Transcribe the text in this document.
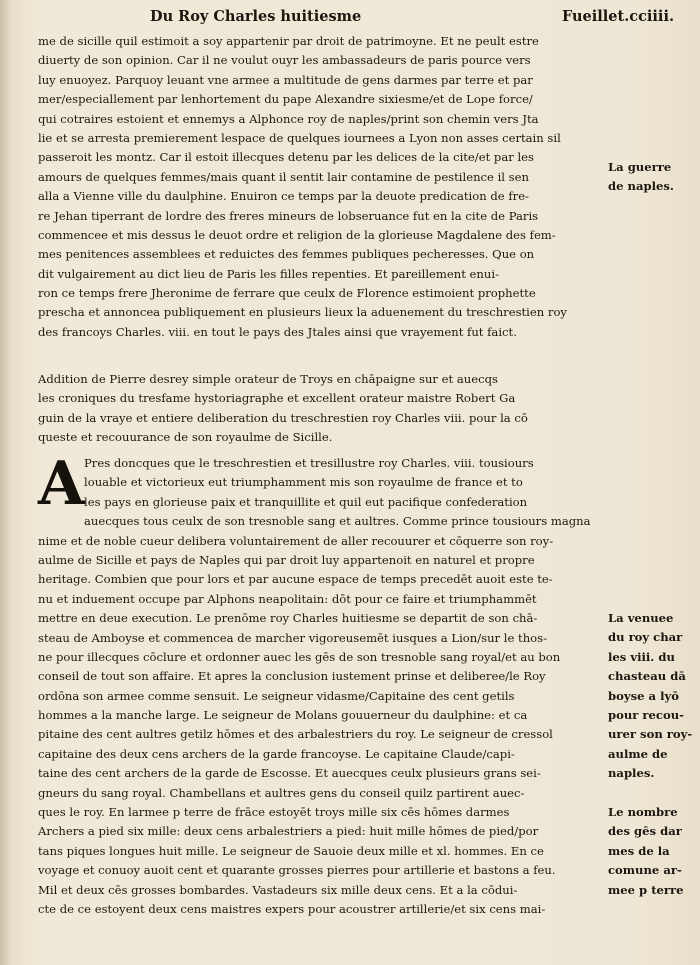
Du Roy Charles huitiesme	Fueillet.cciiii.
me de sicille quil estimoit a soy appartenir par droit de patrimoyne. Et ne peult estre
diuerty de son opinion. Car il ne voulut ouyr les ambassadeurs de paris pource vers
luy enuoyez. Parquoy leuant vne armee a multitude de gens darmes par terre et par
mer/especiallement par lenhortement du pape Alexandre sixiesme/et de Lope force/
qui cotraires estoient et ennemys a Alphonce roy de naples/print son chemin vers Jta
lie et se arresta premierement lespace de quelques iournees a Lyon non asses certain sil
passeroit les montz. Car il estoit illecques detenu par les delices de la cite/et par les
amours de quelques femmes/mais quant il sentit lair contamine de pestilence il sen
alla a Vienne ville du daulphine. Enuiron ce temps par la deuote predication de fre-
re Jehan tiperrant de lordre des freres mineurs de lobseruance fut en la cite de Paris
commencee et mis dessus le deuot ordre et religion de la glorieuse Magdalene des fem-
mes penitences assemblees et reduictes des femmes publiques pecheresses. Que on
dit vulgairement au dict lieu de Paris les filles repenties. Et pareillement enui-
ron ce temps frere Jheronime de ferrare que ceulx de Florence estimoient prophette
prescha et annoncea publiquement en plusieurs lieux la aduenement du treschrestien roy
des francoys Charles. viii. en tout le pays des Jtales ainsi que vrayement fut faict.
Addition de Pierre desrey simple orateur de Troys en chāpaigne sur et auecqs
les croniques du tresfame hystoriagraphe et excellent orateur maistre Robert Ga
guin de la vraye et entiere deliberation du treschrestien roy Charles viii. pour la cō
queste et recouurance de son royaulme de Sicille.
A Pres doncques que le treschrestien et tresillustre roy Charles. viii. tousiours
louable et victorieux eut triumphamment mis son royaulme de france et to
les pays en glorieuse paix et tranquillite et quil eut pacifique confederation
auecques tous ceulx de son tresnoble sang et aultres. Comme prince tousiours magna
nime et de noble cueur delibera voluntairement de aller recouurer et cōquerre son roy-
aulme de Sicille et pays de Naples qui par droit luy appartenoit en naturel et propre
heritage. Combien que pour lors et par aucune espace de temps precedēt auoit este te-
nu et induement occupe par Alphons neapolitain: dōt pour ce faire et triumphammēt
mettre en deue execution. Le prenōme roy Charles huitiesme se departit de son chā-
steau de Amboyse et commencea de marcher vigoreusemēt iusques a Lion/sur le thos-
ne pour illecques cōclure et ordonner auec les gēs de son tresnoble sang royal/et au bon
conseil de tout son affaire. Et apres la conclusion iustement prinse et deliberee/le Roy
ordōna son armee comme sensuit. Le seigneur vidasme/Capitaine des cent getils
hommes a la manche large. Le seigneur de Molans gouuerneur du daulphine: et ca
pitaine des cent aultres getilz hōmes et des arbalestriers du roy. Le seigneur de cressol
capitaine des deux cens archers de la garde francoyse. Le capitaine Claude/capi-
taine des cent archers de la garde de Escosse. Et auecques ceulx plusieurs grans sei-
gneurs du sang royal. Chambellans et aultres gens du conseil quilz partirent auec-
ques le roy. En larmee p terre de frāce estoyēt troys mille six cēs hōmes darmes
Archers a pied six mille: deux cens arbalestriers a pied: huit mille hōmes de pied/por
tans piques longues huit mille. Le seigneur de Sauoie deux mille et xl. hommes. En ce
voyage et conuoy auoit cent et quarante grosses pierres pour artillerie et bastons a feu.
Mil et deux cēs grosses bombardes. Vastadeurs six mille deux cens. Et a la cōdui-
cte de ce estoyent deux cens maistres expers pour acoustrer artillerie/et six cens mai-
La guerre
de naples.
La venuee
du roy char
les viii. du
chasteau dā
boyse a lyō
pour recou-
urer son roy-
aulme de
naples.
Le nombre
des gēs dar
mes de la
comune ar-
mee p terre
